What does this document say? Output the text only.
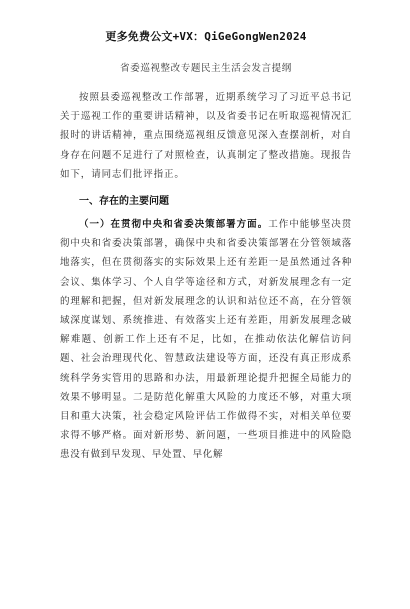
更多免费公文+VX：QiGeGongWen2024
省委巡视整改专题民主生活会发言提纲

按照县委巡视整改工作部署，近期系统学习了习近平总书记关于巡视工作的重要讲话精神，以及省委书记在听取巡视情况汇报时的讲话精神，重点围绕巡视组反馈意见深入查摆剖析，对自身存在问题不足进行了对照检查，认真制定了整改措施。现报告如下，请同志们批评指正。

一、存在的主要问题

（一）在贯彻中央和省委决策部署方面。工作中能够坚决贯彻中央和省委决策部署，确保中央和省委决策部署在分管领域落地落实，但在贯彻落实的实际效果上还有差距一是虽然通过各种会议、集体学习、个人自学等途径和方式，对新发展理念有一定的理解和把握，但对新发展理念的认识和站位还不高，在分管领域深度谋划、系统推进、有效落实上还有差距，用新发展理念破解难题、创新工作上还有不足，比如，在推动依法化解信访问题、社会治理现代化、智慧政法建设等方面，还没有真正形成系统科学务实管用的思路和办法，用最新理论提升把握全局能力的效果不够明显。二是防范化解重大风险的力度还不够，对重大项目和重大决策，社会稳定风险评估工作做得不实，对相关单位要求得不够严格。面对新形势、新问题，一些项目推进中的风险隐患没有做到早发现、早处置、早化解
